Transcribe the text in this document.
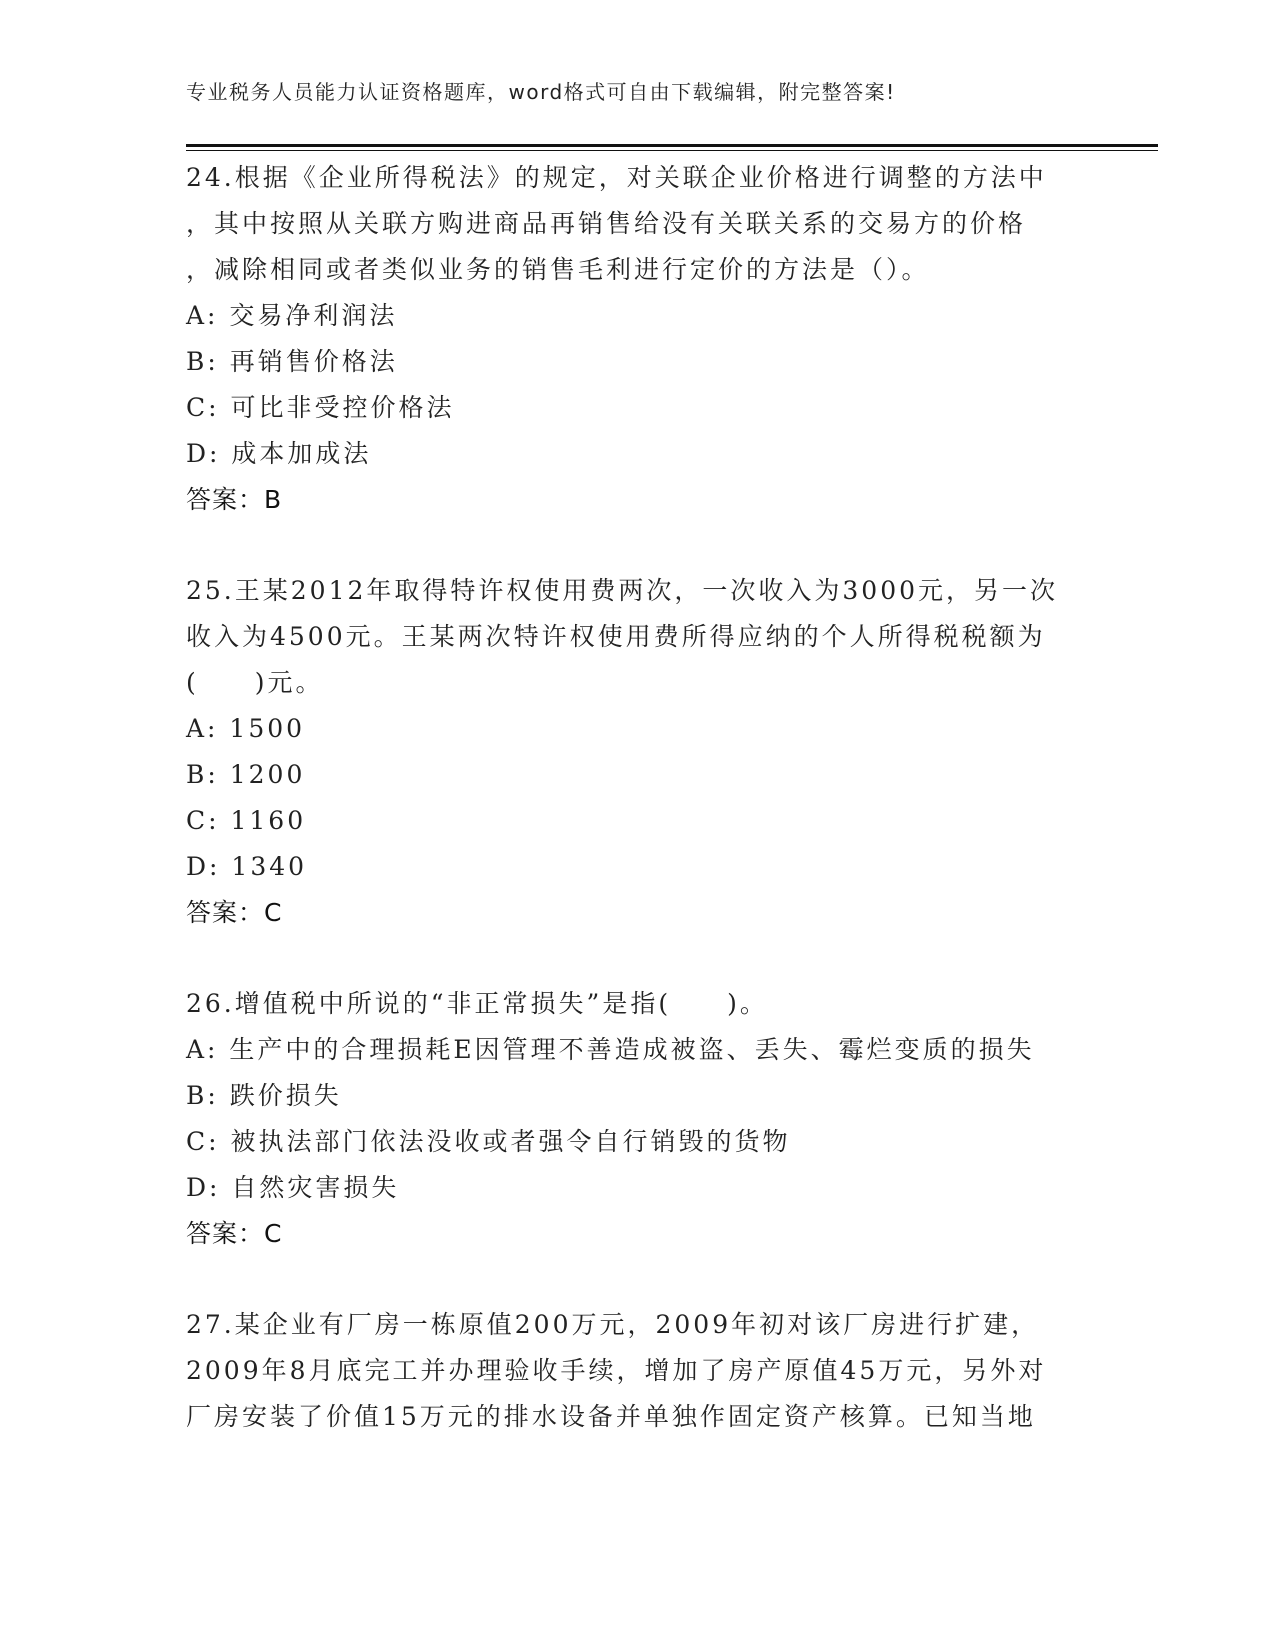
专业税务人员能力认证资格题库，word格式可自由下载编辑，附完整答案!
24.根据《企业所得税法》的规定，对关联企业价格进行调整的方法中
，其中按照从关联方购进商品再销售给没有关联关系的交易方的价格
，减除相同或者类似业务的销售毛利进行定价的方法是（）。
A: 交易净利润法
B: 再销售价格法
C: 可比非受控价格法
D: 成本加成法
答案：B
25.王某2012年取得特许权使用费两次，一次收入为3000元，另一次
收入为4500元。王某两次特许权使用费所得应纳的个人所得税税额为
(　　)元。
A: 1500
B: 1200
C: 1160
D: 1340
答案：C
26.增值税中所说的“非正常损失”是指(　　)。
A: 生产中的合理损耗E因管理不善造成被盗、丢失、霉烂变质的损失
B: 跌价损失
C: 被执法部门依法没收或者强令自行销毁的货物
D: 自然灾害损失
答案：C
27.某企业有厂房一栋原值200万元，2009年初对该厂房进行扩建，
2009年8月底完工并办理验收手续，增加了房产原值45万元，另外对
厂房安装了价值15万元的排水设备并单独作固定资产核算。已知当地
